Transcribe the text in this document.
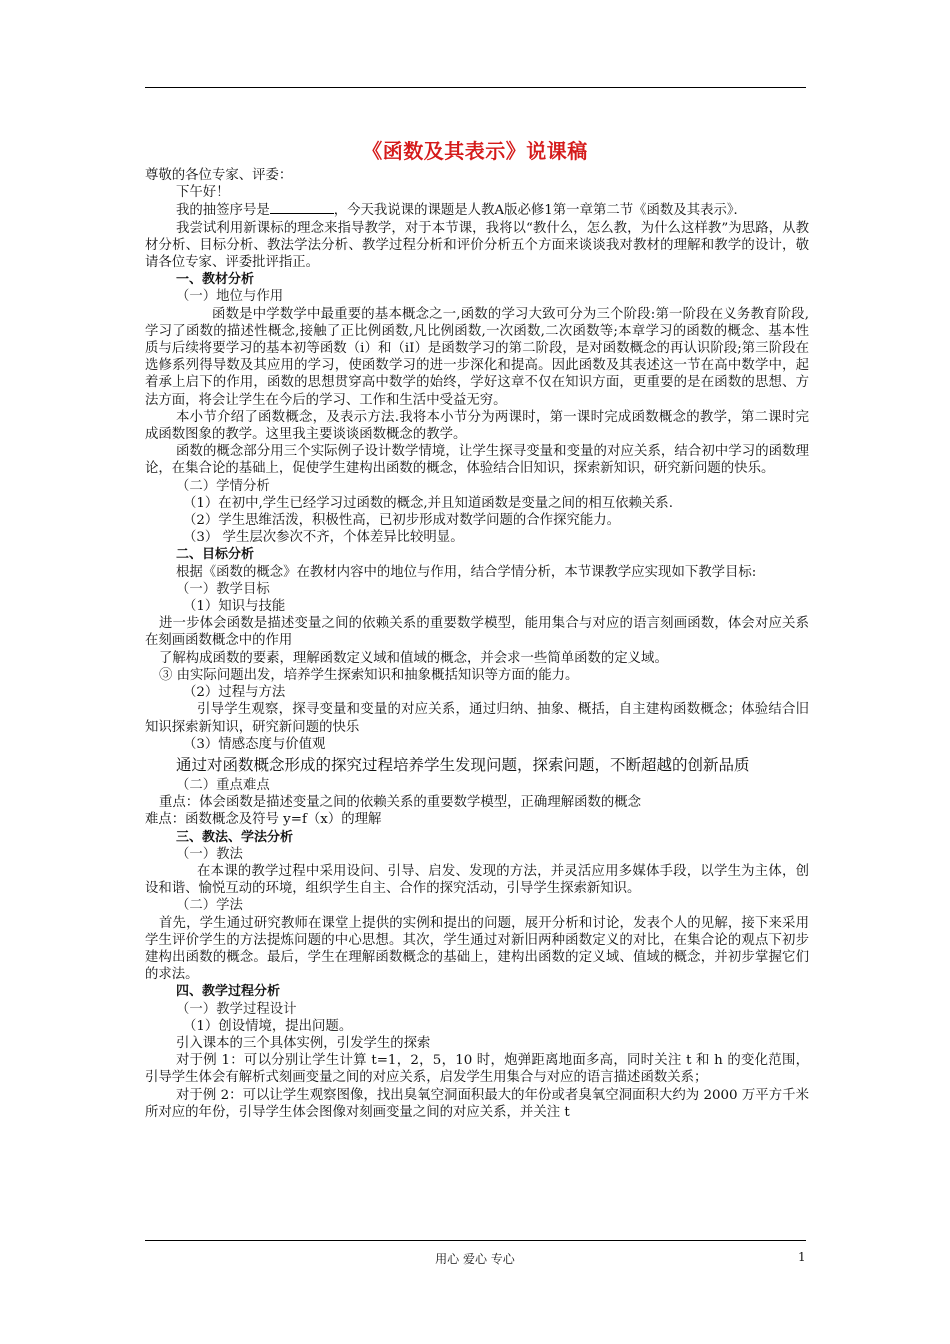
《函数及其表示》说课稿

尊敬的各位专家、评委：

下午好！

我的抽签序号是	，今天我说课的课题是人教A版必修1第一章第二节《函数及其表示》．

我尝试利用新课标的理念来指导教学，对于本节课，我将以“教什么，怎么教，为什么这样教”为思路，从教材分析、目标分析、教法学法分析、教学过程分析和评价分析五个方面来谈谈我对教材的理解和教学的设计，敬请各位专家、评委批评指正。

一、教材分析

（一）地位与作用

函数是中学数学中最重要的基本概念之一,函数的学习大致可分为三个阶段:第一阶段在义务教育阶段,学习了函数的描述性概念,接触了正比例函数,凡比例函数,一次函数,二次函数等;本章学习的函数的概念、基本性质与后续将要学习的基本初等函数（i）和（iI）是函数学习的第二阶段，是对函数概念的再认识阶段;第三阶段在选修系列得导数及其应用的学习，使函数学习的进一步深化和提高。因此函数及其表述这一节在高中数学中，起着承上启下的作用，函数的思想贯穿高中数学的始终，学好这章不仅在知识方面，更重要的是在函数的思想、方法方面，将会让学生在今后的学习、工作和生活中受益无穷。

本小节介绍了函数概念，及表示方法.我将本小节分为两课时，第一课时完成函数概念的教学，第二课时完成函数图象的教学。这里我主要谈谈函数概念的教学。

函数的概念部分用三个实际例子设计数学情境，让学生探寻变量和变量的对应关系，结合初中学习的函数理论，在集合论的基础上，促使学生建构出函数的概念，体验结合旧知识，探索新知识，研究新问题的快乐。

（二）学情分析

（1）在初中,学生已经学习过函数的概念,并且知道函数是变量之间的相互依赖关系.

（2）学生思维活泼，积极性高，已初步形成对数学问题的合作探究能力。

（3） 学生层次参次不齐，个体差异比较明显。

二、目标分析

根据《函数的概念》在教材内容中的地位与作用，结合学情分析，本节课教学应实现如下教学目标:

（一）教学目标

（1）知识与技能

进一步体会函数是描述变量之间的依赖关系的重要数学模型，能用集合与对应的语言刻画函数，体会对应关系在刻画函数概念中的作用

了解构成函数的要素，理解函数定义域和值域的概念，并会求一些简单函数的定义域。

③ 由实际问题出发，培养学生探索知识和抽象概括知识等方面的能力。

（2）过程与方法

引导学生观察，探寻变量和变量的对应关系，通过归纳、抽象、概括，自主建构函数概念；体验结合旧知识探索新知识，研究新问题的快乐

（3）情感态度与价值观

通过对函数概念形成的探究过程培养学生发现问题，探索问题，不断超越的创新品质

（二）重点难点

重点：体会函数是描述变量之间的依赖关系的重要数学模型，正确理解函数的概念

难点：函数概念及符号 y=f（x）的理解

三、教法、学法分析

（一）教法

在本课的教学过程中采用设问、引导、启发、发现的方法，并灵活应用多媒体手段，以学生为主体，创设和谐、愉悦互动的环境，组织学生自主、合作的探究活动，引导学生探索新知识。

（二）学法

首先，学生通过研究教师在课堂上提供的实例和提出的问题，展开分析和讨论，发表个人的见解，接下来采用学生评价学生的方法提炼问题的中心思想。其次，学生通过对新旧两种函数定义的对比，在集合论的观点下初步建构出函数的概念。最后，学生在理解函数概念的基础上，建构出函数的定义域、值域的概念，并初步掌握它们的求法。

四、教学过程分析

（一）教学过程设计

（1）创设情境，提出问题。

引入课本的三个具体实例，引发学生的探索

对于例 1：可以分别让学生计算 t=1，2，5，10 时，炮弹距离地面多高，同时关注 t 和 h 的变化范围，引导学生体会有解析式刻画变量之间的对应关系，启发学生用集合与对应的语言描述函数关系；

对于例 2：可以让学生观察图像，找出臭氧空洞面积最大的年份或者臭氧空洞面积大约为 2000 万平方千米所对应的年份，引导学生体会图像对刻画变量之间的对应关系，并关注 t

用心 爱心 专心	1
